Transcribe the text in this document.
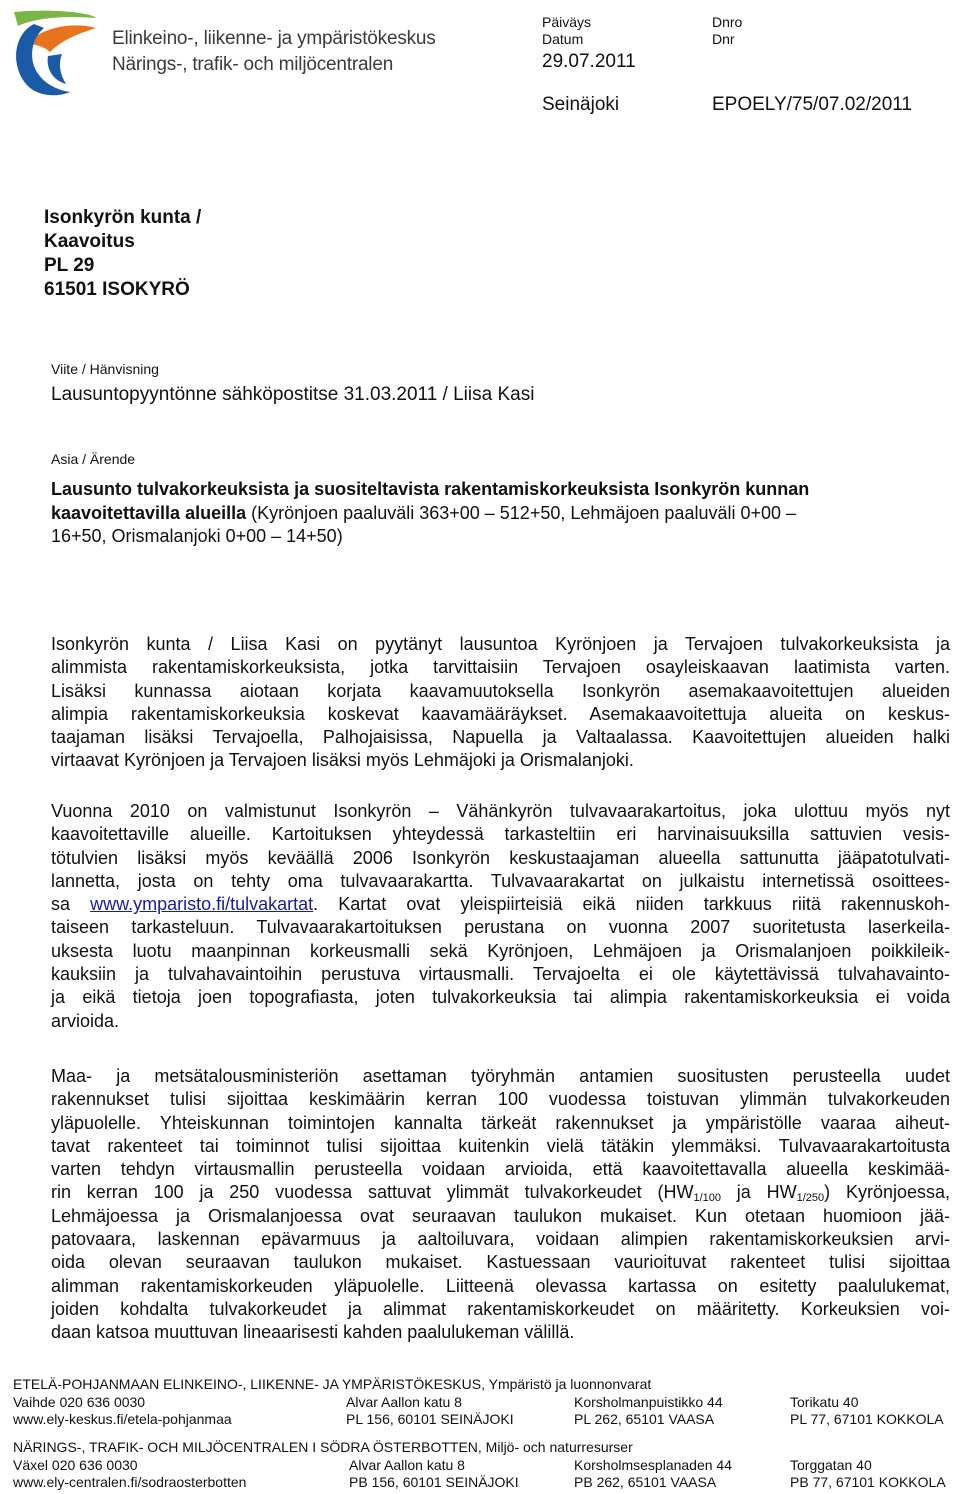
Elinkeino-, liikenne- ja ympäristökeskus
Närings-, trafik- och miljöcentralen
Päiväys
Datum
29.07.2011
Dnro
Dnr
Seinäjoki	EPOELY/75/07.02/2011
Isonkyrön kunta /
Kaavoitus
PL 29
61501 ISOKYRÖ
Viite / Hänvisning
Lausuntopyyntönne sähköpostitse 31.03.2011 / Liisa Kasi
Asia / Ärende
Lausunto tulvakorkeuksista ja suositeltavista rakentamiskorkeuksista Isonkyrön kunnan
kaavoitettavilla alueilla (Kyrönjoen paaluväli 363+00 – 512+50, Lehmäjoen paaluväli 0+00 –
16+50, Orismalanjoki 0+00 – 14+50)
Isonkyrön kunta / Liisa Kasi on pyytänyt lausuntoa Kyrönjoen ja Tervajoen tulvakorkeuksista ja
alimmista rakentamiskorkeuksista, jotka tarvittaisiin Tervajoen osayleiskaavan laatimista varten.
Lisäksi kunnassa aiotaan korjata kaavamuutoksella Isonkyrön asemakaavoitettujen alueiden
alimpia rakentamiskorkeuksia koskevat kaavamääräykset. Asemakaavoitettuja alueita on keskus-
taajaman lisäksi Tervajoella, Palhojaisissa, Napuella ja Valtaalassa. Kaavoitettujen alueiden halki
virtaavat Kyrönjoen ja Tervajoen lisäksi myös Lehmäjoki ja Orismalanjoki.
Vuonna 2010 on valmistunut Isonkyrön – Vähänkyrön tulvavaarakartoitus, joka ulottuu myös nyt
kaavoitettaville alueille. Kartoituksen yhteydessä tarkasteltiin eri harvinaisuuksilla sattuvien vesis-
tötulvien lisäksi myös keväällä 2006 Isonkyrön keskustaajaman alueella sattunutta jääpatotulvati-
lannetta, josta on tehty oma tulvavaarakartta. Tulvavaarakartat on julkaistu internetissä osoittees-
sa www.ymparisto.fi/tulvakartat. Kartat ovat yleispiirteisiä eikä niiden tarkkuus riitä rakennuskoh-
taiseen tarkasteluun. Tulvavaarakartoituksen perustana on vuonna 2007 suoritetusta laserkeila-
uksesta luotu maanpinnan korkeusmalli sekä Kyrönjoen, Lehmäjoen ja Orismalanjoen poikkileik-
kauksiin ja tulvahavaintoihin perustuva virtausmalli. Tervajoelta ei ole käytettävissä tulvahavainto-
ja eikä tietoja joen topografiasta, joten tulvakorkeuksia tai alimpia rakentamiskorkeuksia ei voida
arvioida.
Maa- ja metsätalousministeriön asettaman työryhmän antamien suositusten perusteella uudet
rakennukset tulisi sijoittaa keskimäärin kerran 100 vuodessa toistuvan ylimmän tulvakorkeuden
yläpuolelle. Yhteiskunnan toimintojen kannalta tärkeät rakennukset ja ympäristölle vaaraa aiheut-
tavat rakenteet tai toiminnot tulisi sijoittaa kuitenkin vielä tätäkin ylemmäksi. Tulvavaarakartoitusta
varten tehdyn virtausmallin perusteella voidaan arvioida, että kaavoitettavalla alueella keskimää-
rin kerran 100 ja 250 vuodessa sattuvat ylimmät tulvakorkeudet ($HW_{1/100}$ ja $HW_{1/250}$) Kyrönjoessa,
Lehmäjoessa ja Orismalanjoessa ovat seuraavan taulukon mukaiset. Kun otetaan huomioon jää-
patovaara, laskennan epävarmuus ja aaltoiluvara, voidaan alimpien rakentamiskorkeuksien arvi-
oida olevan seuraavan taulukon mukaiset. Kastuessaan vaurioituvat rakenteet tulisi sijoittaa
alimman rakentamiskorkeuden yläpuolelle. Liitteenä olevassa kartassa on esitetty paalulukemat,
joiden kohdalta tulvakorkeudet ja alimmat rakentamiskorkeudet on määritetty. Korkeuksien voi-
daan katsoa muuttuvan lineaarisesti kahden paalulukeman välillä.
ETELÄ-POHJANMAAN ELINKEINO-, LIIKENNE- JA YMPÄRISTÖKESKUS, Ympäristö ja luonnonvarat
Vaihde 020 636 0030
www.ely-keskus.fi/etela-pohjanmaa
Alvar Aallon katu 8
PL 156, 60101 SEINÄJOKI
Korsholmanpuistikko 44
PL 262, 65101 VAASA
Torikatu 40
PL 77, 67101 KOKKOLA
NÄRINGS-, TRAFIK- OCH MILJÖCENTRALEN I SÖDRA ÖSTERBOTTEN, Miljö- och naturresurser
Växel 020 636 0030
www.ely-centralen.fi/sodraosterbotten
Alvar Aallon katu 8
PB 156, 60101 SEINÄJOKI
Korsholmsesplanaden 44
PB 262, 65101 VAASA
Torggatan 40
PB 77, 67101 KOKKOLA
